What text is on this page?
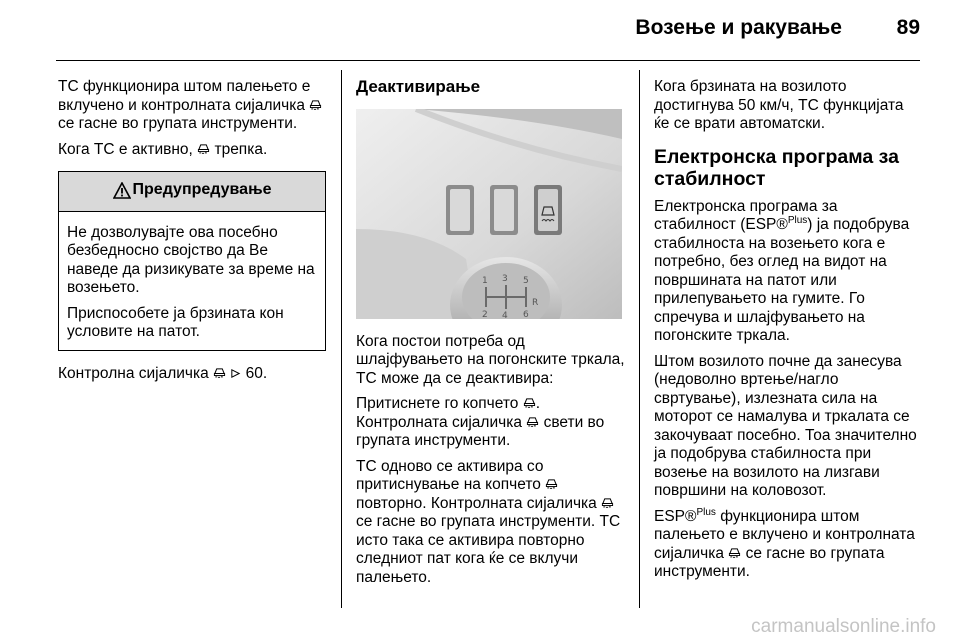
Возење и ракување	89

ТС функционира штом палењето е вклучено и контролната сијаличка  се гасне во групата инструменти.

Кога ТС е активно, трепка.

Предупредување

Не дозволувајте ова посебно безбедносно својство да Ве наведе да ризикувате за време на возењето.

Приспособете ја брзината кон условите на патот.

Контролна сијаличка 60.

Деактивирање
1 3 5
2 4 6
R

Кога постои потреба од шлајфувањето на погонските тркала, ТС може да се деактивира:

Притиснете го копчето . Контролната сијаличка свети во групата инструменти.

ТС одново се активира со притиснување на копчето  повторно. Контролната сијаличка  се гасне во групата инструменти. ТС исто така се активира повторно следниот пат кога ќе се вклучи палењето.

Кога брзината на возилото достигнува 50 км/ч, ТС функцијата ќе се врати автоматски.

Електронска програма за стабилност

Електронска програма за стабилност (ESP®$^{Plus}$) ја подобрува стабилноста на возењето кога е потребно, без оглед на видот на површината на патот или прилепувањето на гумите. Го спречува и шлајфувањето на погонските тркала.

Штом возилото почне да занесува (недоволно вртење/нагло свртување), излезната сила на моторот се намалува и тркалата се закочуваат посебно. Тоа значително ја подобрува стабилноста при возење на возилото на лизгави површини на коловозот.

ESP®$^{Plus}$ функционира штом палењето е вклучено и контролната сијаличка се гасне во групата инструменти.

carmanualsonline.info
